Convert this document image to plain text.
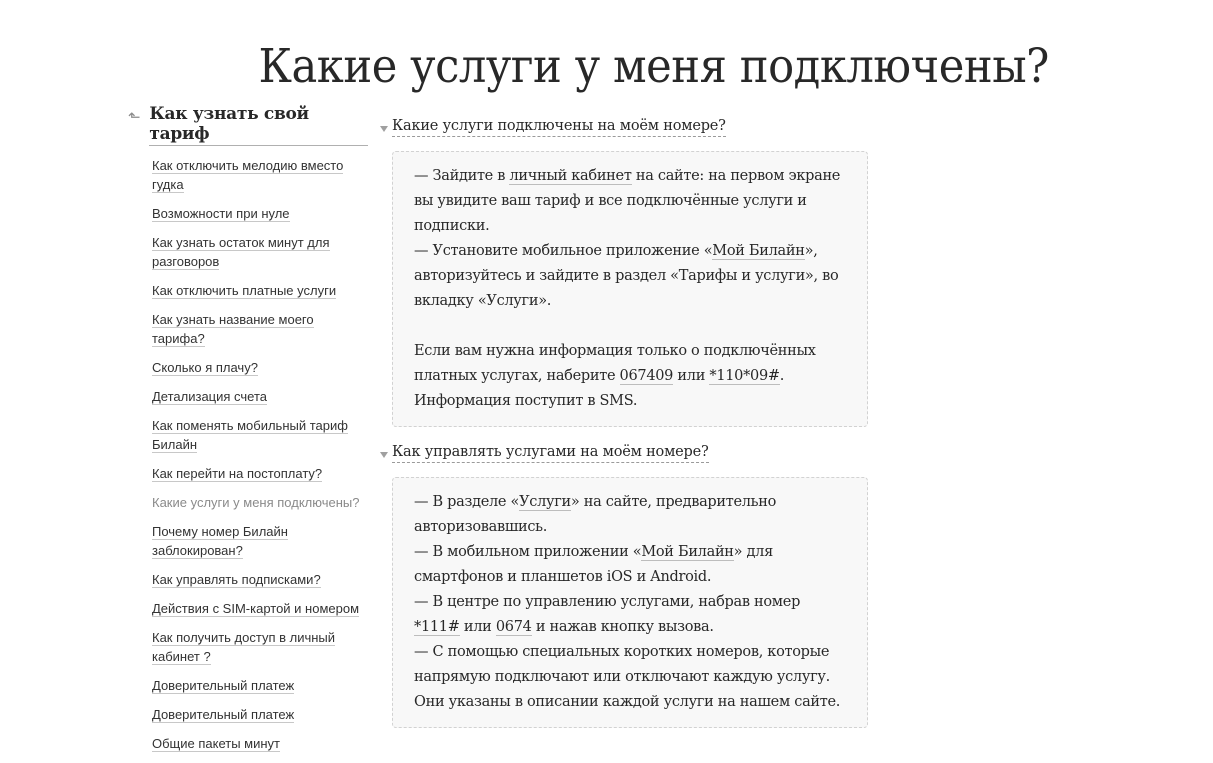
Какие услуги у меня подключены?
⬑ Как узнать свой тариф
Как отключить мелодию вместо гудка
Возможности при нуле
Как узнать остаток минут для разговоров
Как отключить платные услуги
Как узнать название моего тарифа?
Сколько я плачу?
Детализация счета
Как поменять мобильный тариф Билайн
Как перейти на постоплату?
Какие услуги у меня подключены?
Почему номер Билайн заблокирован?
Как управлять подписками?
Действия с SIM-картой и номером
Как получить доступ в личный кабинет ?
Доверительный платеж
Доверительный платеж
Общие пакеты минут
Какие услуги подключены на моём номере?

— Зайдите в личный кабинет на сайте: на первом экране вы увидите ваш тариф и все подключённые услуги и подписки.

— Установите мобильное приложение «Мой Билайн», авторизуйтесь и зайдите в раздел «Тарифы и услуги», во вкладку «Услуги».

Если вам нужна информация только о подключённых платных услугах, наберите 067409 или *110*09#. Информация поступит в SMS.

Как управлять услугами на моём номере?

— В разделе «Услуги» на сайте, предварительно авторизовавшись.

— В мобильном приложении «Мой Билайн» для смартфонов и планшетов iOS и Android.

— В центре по управлению услугами, набрав номер *111# или 0674 и нажав кнопку вызова.

— С помощью специальных коротких номеров, которые напрямую подключают или отключают каждую услугу. Они указаны в описании каждой услуги на нашем сайте.
